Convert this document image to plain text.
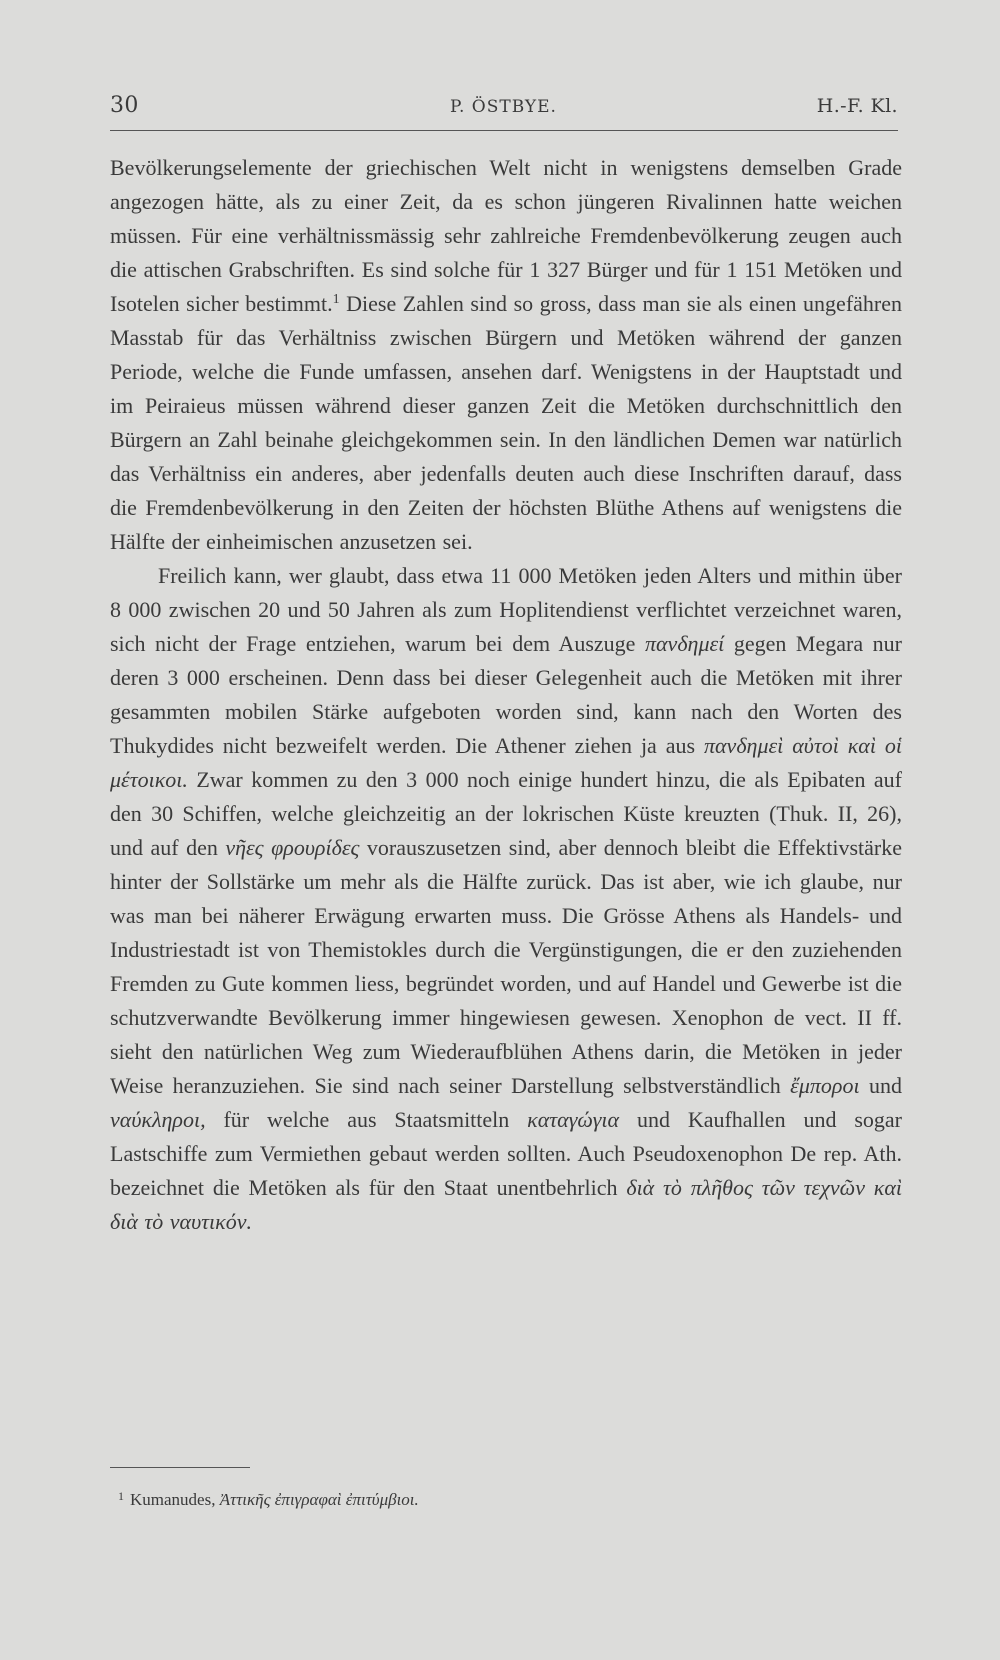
30	P. ÖSTBYE.	H.-F. Kl.

Bevölkerungselemente der griechischen Welt nicht in wenigstens demselben Grade angezogen hätte, als zu einer Zeit, da es schon jüngeren Rivalinnen hatte weichen müssen. Für eine verhältnissmässig sehr zahlreiche Fremdenbevölkerung zeugen auch die attischen Grabschriften. Es sind solche für 1 327 Bürger und für 1 151 Metöken und Isotelen sicher bestimmt.$^1$ Diese Zahlen sind so gross, dass man sie als einen ungefähren Masstab für das Verhältniss zwischen Bürgern und Metöken während der ganzen Periode, welche die Funde umfassen, ansehen darf. Wenigstens in der Hauptstadt und im Peiraieus müssen während dieser ganzen Zeit die Metöken durchschnittlich den Bürgern an Zahl beinahe gleichgekommen sein. In den ländlichen Demen war natürlich das Verhältniss ein anderes, aber jedenfalls deuten auch diese Inschriften darauf, dass die Fremdenbevölkerung in den Zeiten der höchsten Blüthe Athens auf wenigstens die Hälfte der einheimischen anzusetzen sei.

Freilich kann, wer glaubt, dass etwa 11 000 Metöken jeden Alters und mithin über 8 000 zwischen 20 und 50 Jahren als zum Hoplitendienst verflichtet verzeichnet waren, sich nicht der Frage entziehen, warum bei dem Auszuge πανδημεί gegen Megara nur deren 3 000 erscheinen. Denn dass bei dieser Gelegenheit auch die Metöken mit ihrer gesammten mobilen Stärke aufgeboten worden sind, kann nach den Worten des Thukydides nicht bezweifelt werden. Die Athener ziehen ja aus πανδημεὶ αὐτοὶ καὶ οἱ μέτοικοι. Zwar kommen zu den 3 000 noch einige hundert hinzu, die als Epibaten auf den 30 Schiffen, welche gleichzeitig an der lokrischen Küste kreuzten (Thuk. II, 26), und auf den νῆες φρουρίδες vorauszusetzen sind, aber dennoch bleibt die Effektivstärke hinter der Sollstärke um mehr als die Hälfte zurück. Das ist aber, wie ich glaube, nur was man bei näherer Erwägung erwarten muss. Die Grösse Athens als Handels- und Industriestadt ist von Themistokles durch die Vergünstigungen, die er den zuziehenden Fremden zu Gute kommen liess, begründet worden, und auf Handel und Gewerbe ist die schutzverwandte Bevölkerung immer hingewiesen gewesen. Xenophon de vect. II ff. sieht den natürlichen Weg zum Wiederaufblühen Athens darin, die Metöken in jeder Weise heranzuziehen. Sie sind nach seiner Darstellung selbstverständlich ἔμποροι und ναύκληροι, für welche aus Staatsmitteln καταγώγια und Kaufhallen und sogar Lastschiffe zum Vermiethen gebaut werden sollten. Auch Pseudoxenophon De rep. Ath. bezeichnet die Metöken als für den Staat unentbehrlich διὰ τὸ πλῆθος τῶν τεχνῶν καὶ διὰ τὸ ναυτικόν.

$^1$ Kumanudes, Ἀττικῆς ἐπιγραφαὶ ἐπιτύμβιοι.
